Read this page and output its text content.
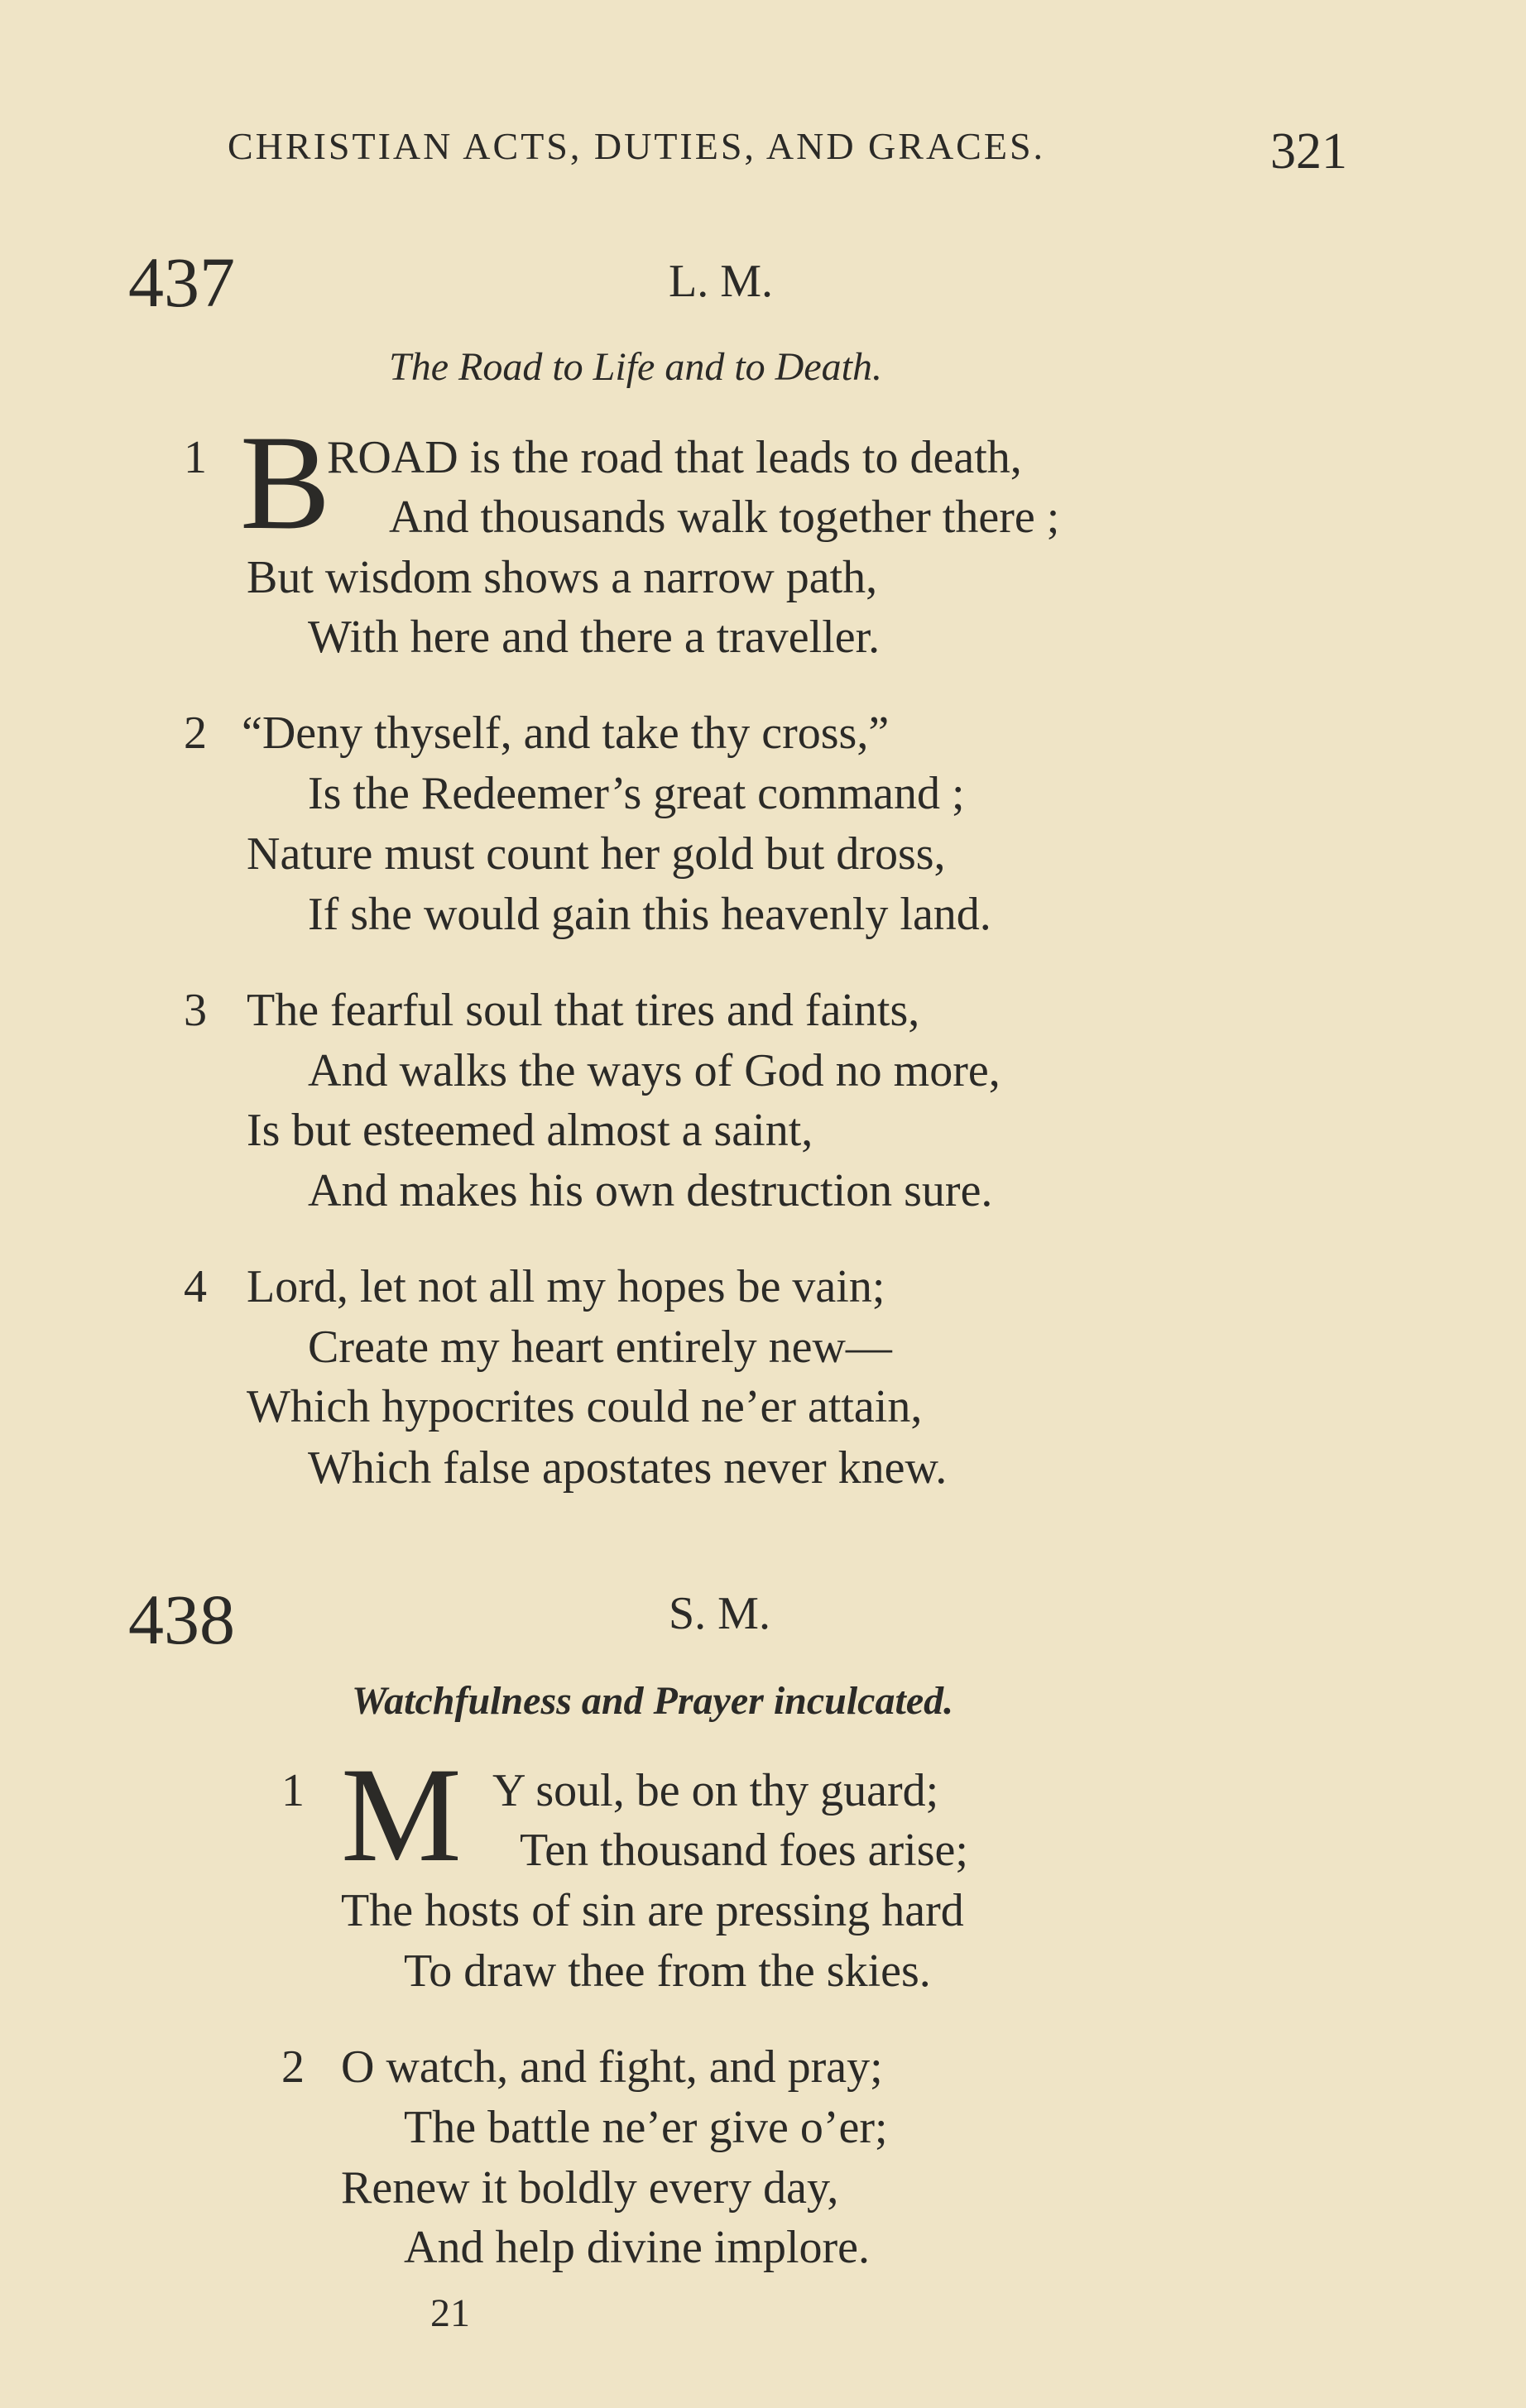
CHRISTIAN ACTS, DUTIES, AND GRACES.	321
437	L. M.
The Road to Life and to Death.
1 B
ROAD is the road that leads to death,
And thousands walk together there ;
But wisdom shows a narrow path,
With here and there a traveller.
2 “Deny thyself, and take thy cross,”
Is the Redeemer’s great command ;
Nature must count her gold but dross,
If she would gain this heavenly land.
3 The fearful soul that tires and faints,
And walks the ways of God no more,
Is but esteemed almost a saint,
And makes his own destruction sure.
4 Lord, let not all my hopes be vain;
Create my heart entirely new—
Which hypocrites could ne’er attain,
Which false apostates never knew.
438	S. M.
Watchfulness and Prayer inculcated.
1 M Y soul, be on thy guard;
Ten thousand foes arise;
The hosts of sin are pressing hard
To draw thee from the skies.
2 O watch, and fight, and pray;
The battle ne’er give o’er;
Renew it boldly every day,
And help divine implore.
21
